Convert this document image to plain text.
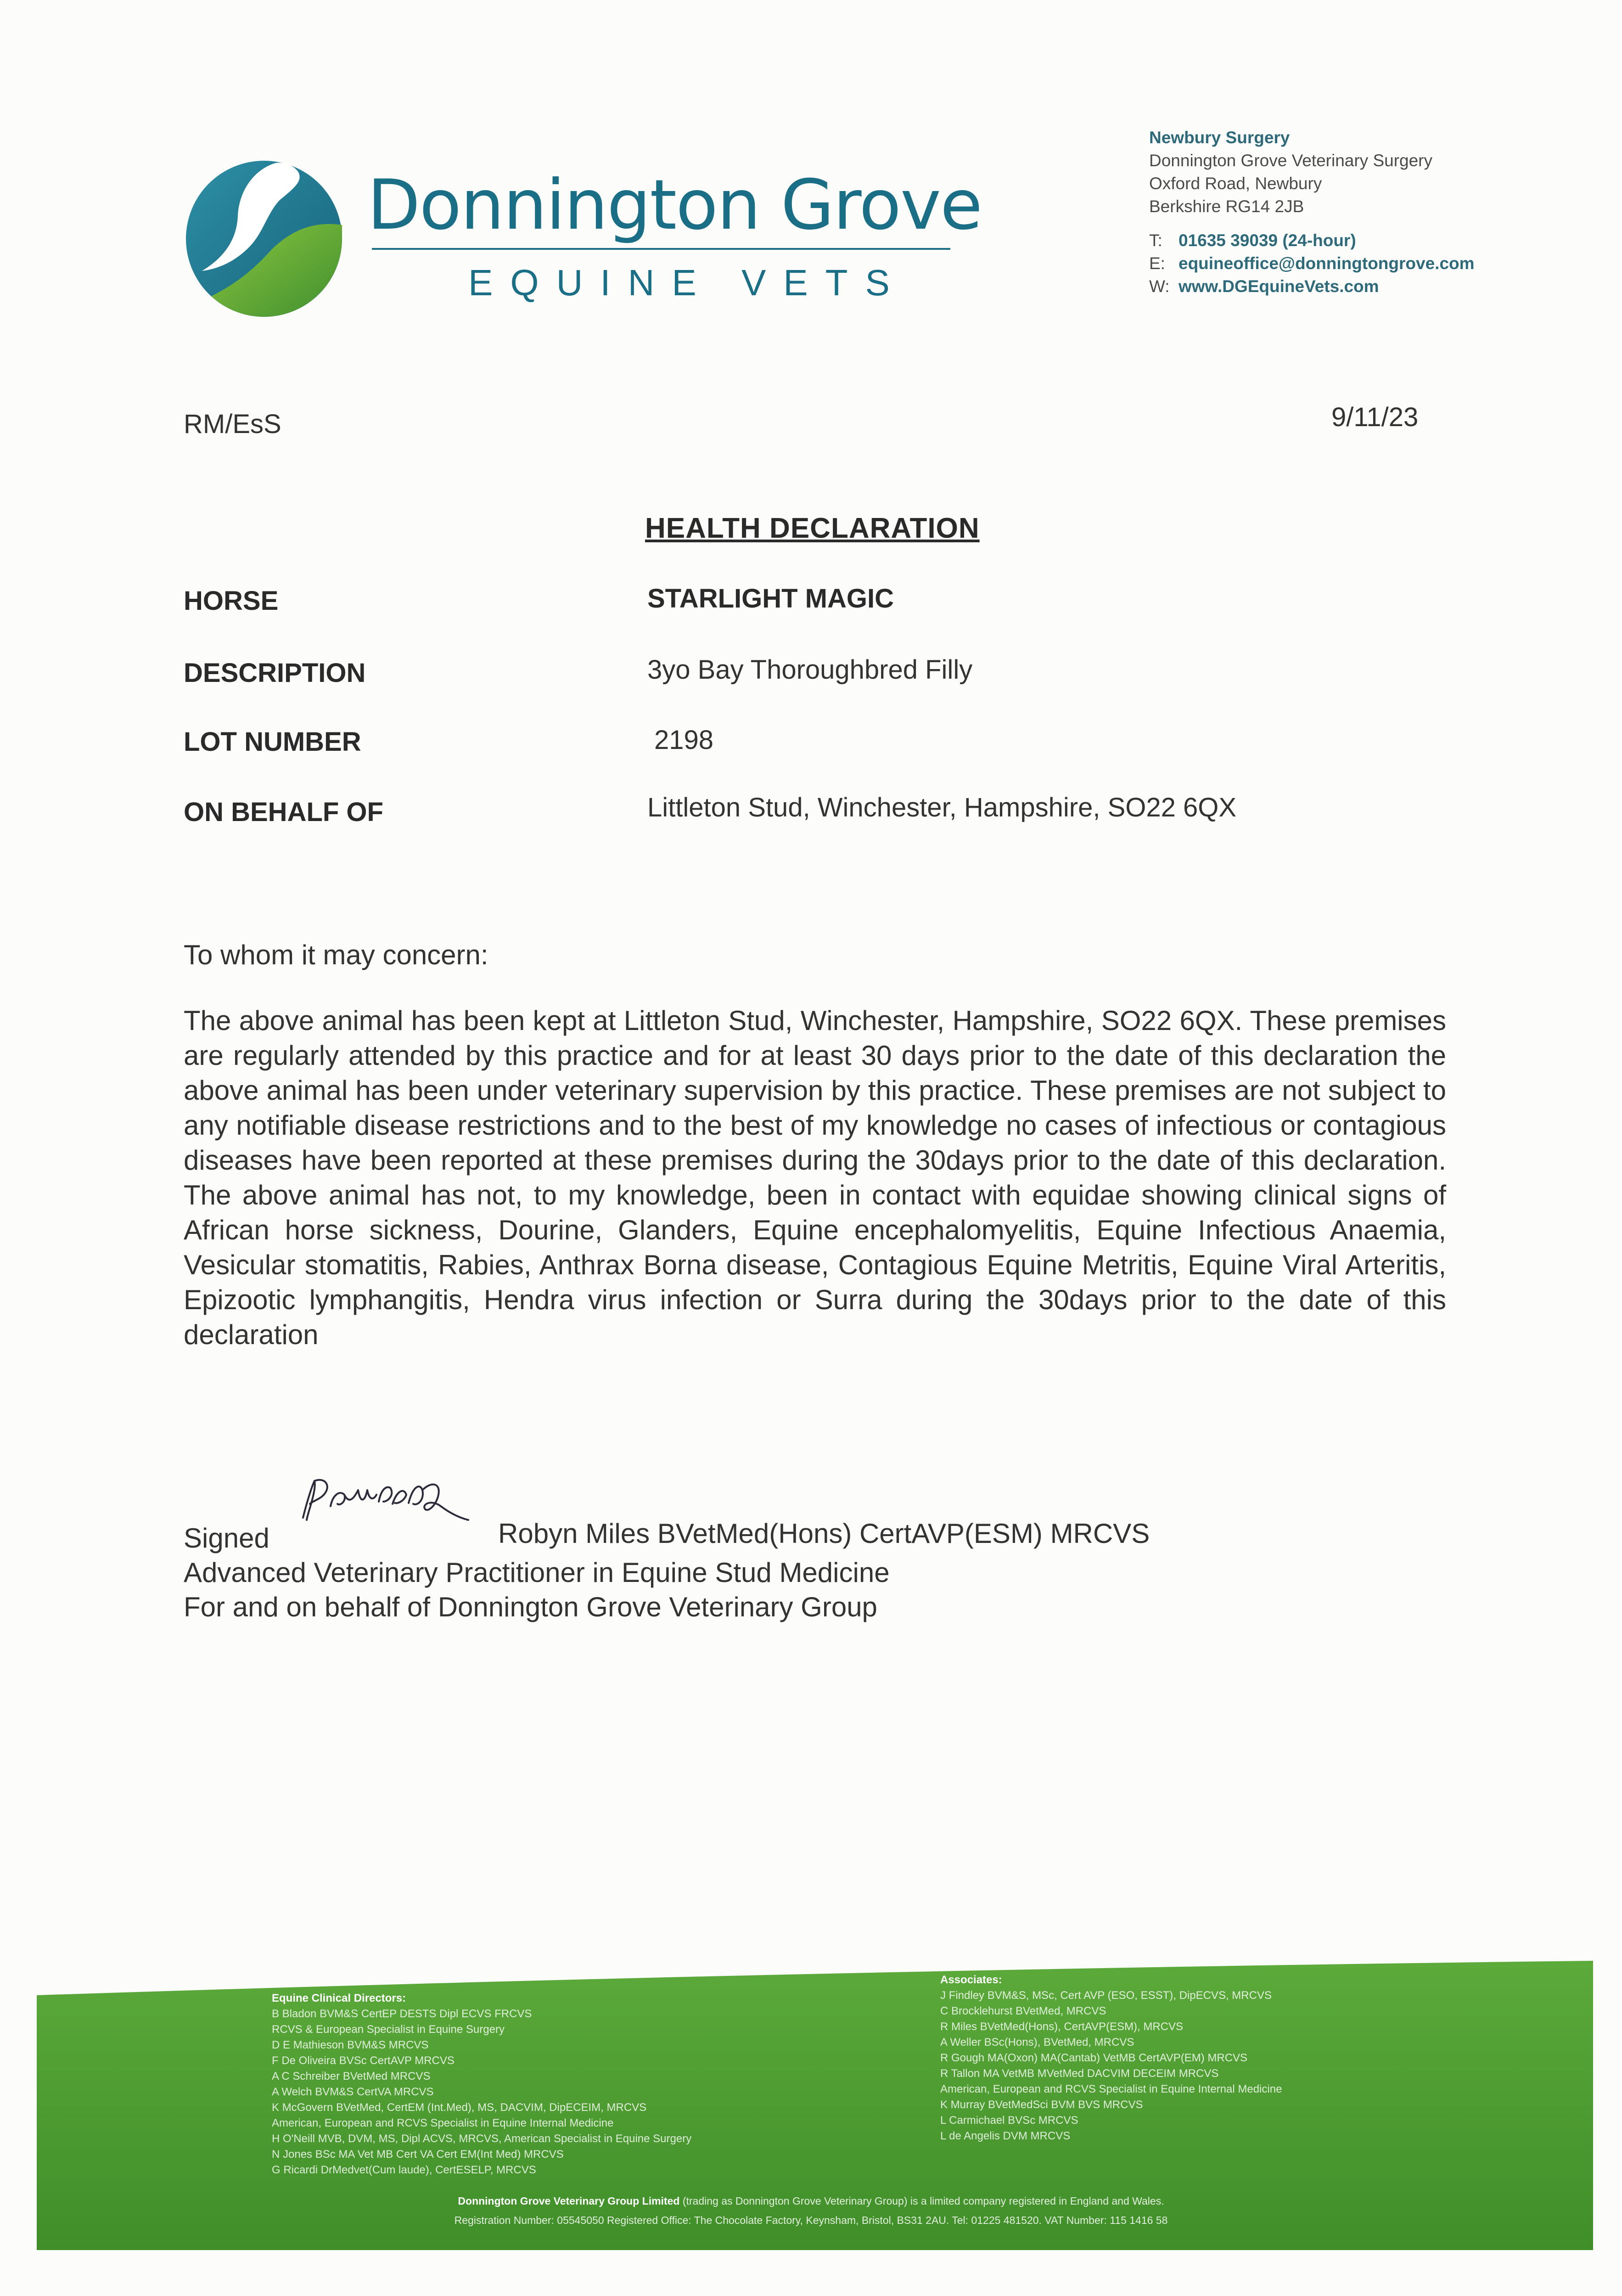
Donnington Grove
EQUINE VETS
Newbury Surgery
Donnington Grove Veterinary Surgery
Oxford Road, Newbury
Berkshire RG14 2JB
T: 01635 39039 (24-hour)
E: equineoffice@donningtongrove.com
W: www.DGEquineVets.com
RM/EsS	9/11/23
HEALTH DECLARATION
HORSE	STARLIGHT MAGIC
DESCRIPTION	3yo Bay Thoroughbred Filly
LOT NUMBER	2198
ON BEHALF OF	Littleton Stud, Winchester, Hampshire, SO22 6QX
To whom it may concern:
The above animal has been kept at Littleton Stud, Winchester, Hampshire, SO22 6QX. These premises are regularly attended by this practice and for at least 30 days prior to the date of this declaration the above animal has been under veterinary supervision by this practice. These premises are not subject to any notifiable disease restrictions and to the best of my knowledge no cases of infectious or contagious diseases have been reported at these premises during the 30days prior to the date of this declaration. The above animal has not, to my knowledge, been in contact with equidae showing clinical signs of African horse sickness, Dourine, Glanders, Equine encephalomyelitis, Equine Infectious Anaemia, Vesicular stomatitis, Rabies, Anthrax Borna disease, Contagious Equine Metritis, Equine Viral Arteritis, Epizootic lymphangitis, Hendra virus infection or Surra during the 30days prior to the date of this declaration
Signed	Robyn Miles BVetMed(Hons) CertAVP(ESM) MRCVS
Advanced Veterinary Practitioner in Equine Stud Medicine
For and on behalf of Donnington Grove Veterinary Group
Equine Clinical Directors:
B Bladon BVM&S CertEP DESTS Dipl ECVS FRCVS
RCVS & European Specialist in Equine Surgery
D E Mathieson BVM&S MRCVS
F De Oliveira BVSc CertAVP MRCVS
A C Schreiber BVetMed MRCVS
A Welch BVM&S CertVA MRCVS
K McGovern BVetMed, CertEM (Int.Med), MS, DACVIM, DipECEIM, MRCVS
American, European and RCVS Specialist in Equine Internal Medicine
H O'Neill MVB, DVM, MS, Dipl ACVS, MRCVS, American Specialist in Equine Surgery
N Jones BSc MA Vet MB Cert VA Cert EM(Int Med) MRCVS
G Ricardi DrMedvet(Cum laude), CertESELP, MRCVS
Associates:
J Findley BVM&S, MSc, Cert AVP (ESO, ESST), DipECVS, MRCVS
C Brocklehurst BVetMed, MRCVS
R Miles BVetMed(Hons), CertAVP(ESM), MRCVS
A Weller BSc(Hons), BVetMed, MRCVS
R Gough MA(Oxon) MA(Cantab) VetMB CertAVP(EM) MRCVS
R Tallon MA VetMB MVetMed DACVIM DECEIM MRCVS
American, European and RCVS Specialist in Equine Internal Medicine
K Murray BVetMedSci BVM BVS MRCVS
L Carmichael BVSc MRCVS
L de Angelis DVM MRCVS
Donnington Grove Veterinary Group Limited (trading as Donnington Grove Veterinary Group) is a limited company registered in England and Wales.
Registration Number: 05545050 Registered Office: The Chocolate Factory, Keynsham, Bristol, BS31 2AU. Tel: 01225 481520. VAT Number: 115 1416 58
